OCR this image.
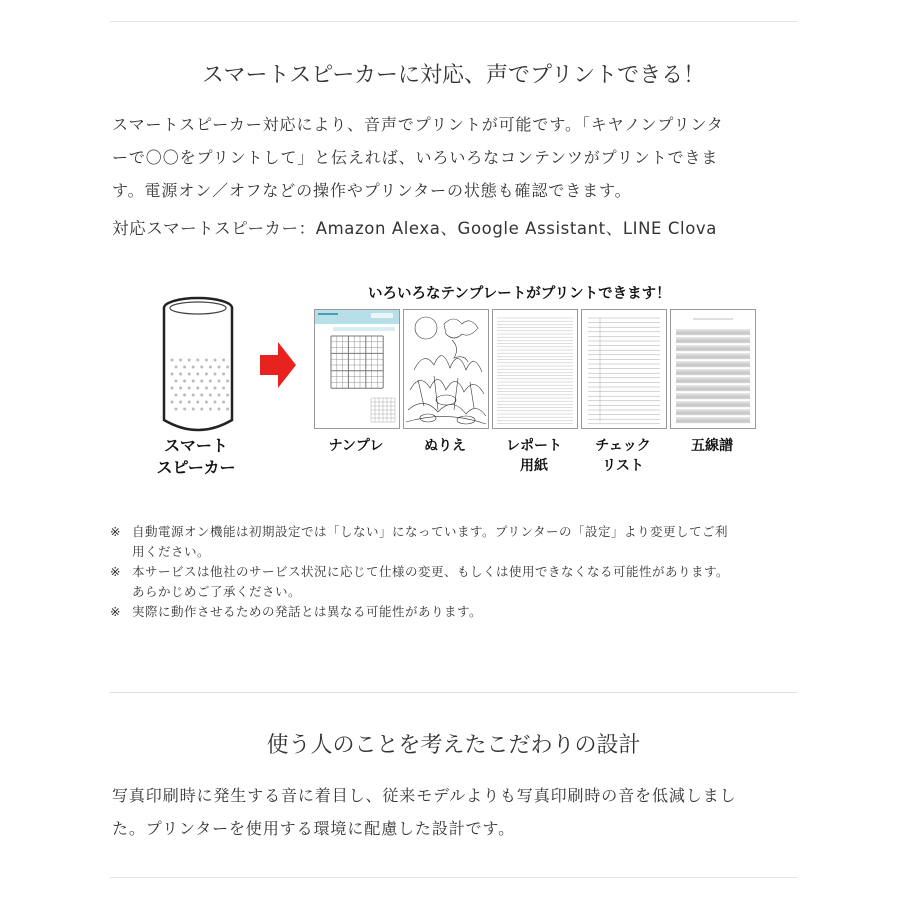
スマートスピーカーに対応、声でプリントできる！
スマートスピーカー対応により、音声でプリントが可能です。「キヤノンプリンタ
ーで〇〇をプリントして」と伝えれば、いろいろなコンテンツがプリントできま
す。電源オン／オフなどの操作やプリンターの状態も確認できます。
対応スマートスピーカー：Amazon Alexa、Google Assistant、LINE Clova
いろいろなテンプレートがプリントできます！
スマート
スピーカー
ナンプレ	ぬりえ	レポート
用紙
チェック
リスト
五線譜
※ 自動電源オン機能は初期設定では「しない」になっています。プリンターの「設定」より変更してご利
用ください。
※ 本サービスは他社のサービス状況に応じて仕様の変更、もしくは使用できなくなる可能性があります。
あらかじめご了承ください。
※ 実際に動作させるための発話とは異なる可能性があります。
使う人のことを考えたこだわりの設計
写真印刷時に発生する音に着目し、従来モデルよりも写真印刷時の音を低減しまし
た。プリンターを使用する環境に配慮した設計です。
